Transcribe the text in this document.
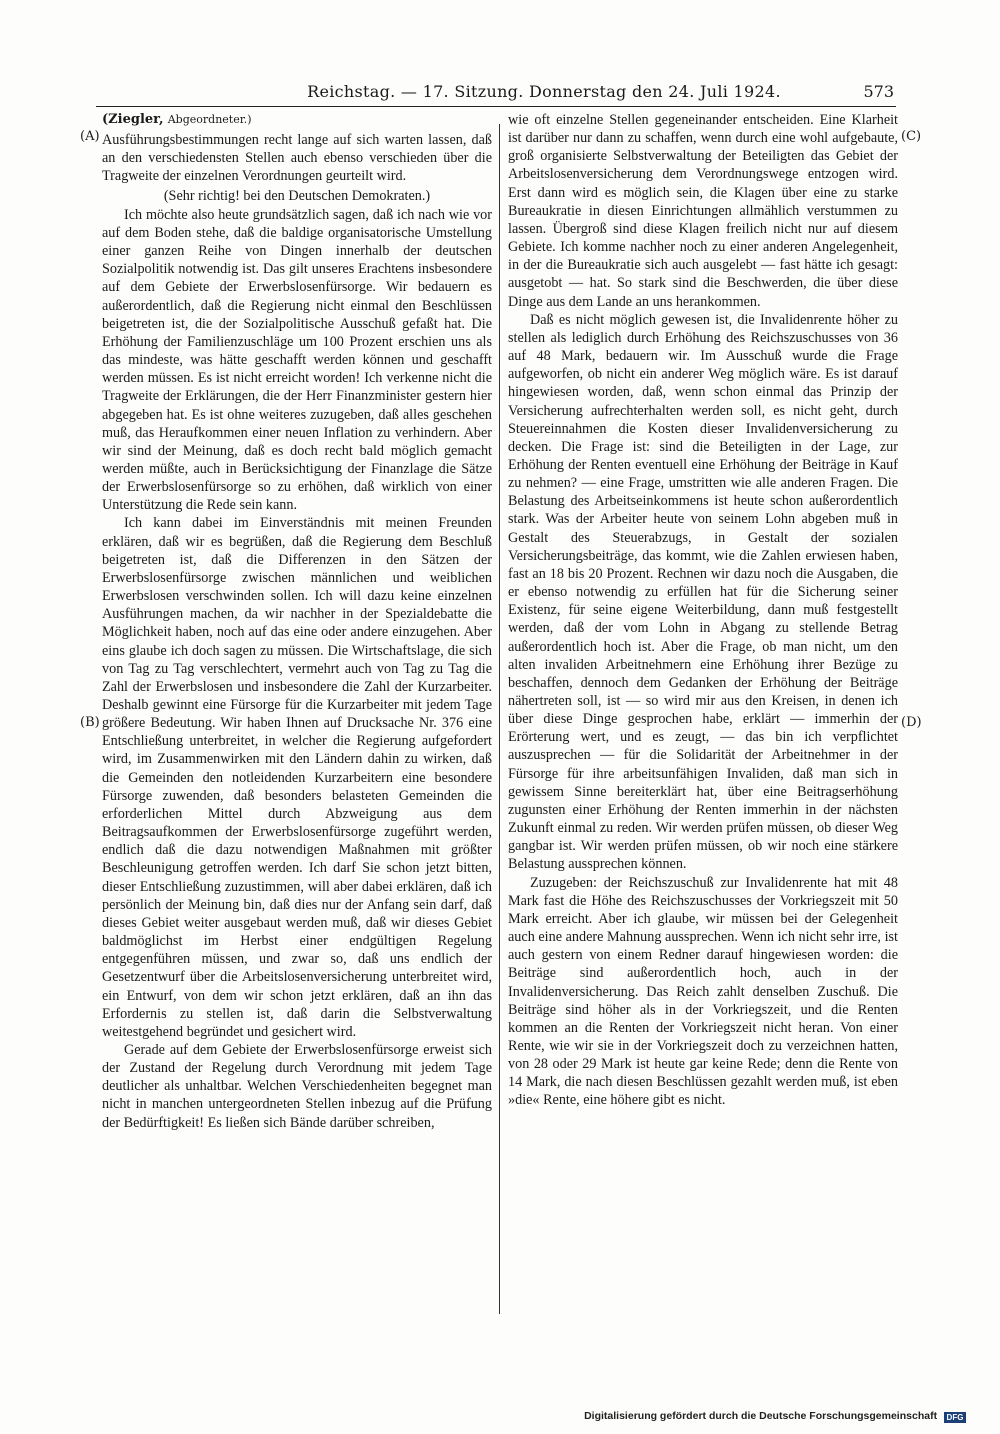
Reichstag. — 17. Sitzung. Donnerstag den 24. Juli 1924.	573
(A)
(B)
(C)
(D)
(Ziegler, Abgeordneter.)

Ausführungsbestimmungen recht lange auf sich warten lassen, daß an den verschiedensten Stellen auch ebenso verschieden über die Tragweite der einzelnen Verordnungen geurteilt wird.

(Sehr richtig! bei den Deutschen Demokraten.)

Ich möchte also heute grundsätzlich sagen, daß ich nach wie vor auf dem Boden stehe, daß die baldige organisatorische Umstellung einer ganzen Reihe von Dingen innerhalb der deutschen Sozialpolitik notwendig ist. Das gilt unseres Erachtens insbesondere auf dem Gebiete der Erwerbslosenfürsorge. Wir bedauern es außerordentlich, daß die Regierung nicht einmal den Beschlüssen beigetreten ist, die der Sozialpolitische Ausschuß gefaßt hat. Die Erhöhung der Familienzuschläge um 100 Prozent erschien uns als das mindeste, was hätte geschafft werden können und geschafft werden müssen. Es ist nicht erreicht worden! Ich verkenne nicht die Tragweite der Erklärungen, die der Herr Finanzminister gestern hier abgegeben hat. Es ist ohne weiteres zuzugeben, daß alles geschehen muß, das Heraufkommen einer neuen Inflation zu verhindern. Aber wir sind der Meinung, daß es doch recht bald möglich gemacht werden müßte, auch in Berücksichtigung der Finanzlage die Sätze der Erwerbslosenfürsorge so zu erhöhen, daß wirklich von einer Unterstützung die Rede sein kann.

Ich kann dabei im Einverständnis mit meinen Freunden erklären, daß wir es begrüßen, daß die Regierung dem Beschluß beigetreten ist, daß die Differenzen in den Sätzen der Erwerbslosenfürsorge zwischen männlichen und weiblichen Erwerbslosen verschwinden sollen. Ich will dazu keine einzelnen Ausführungen machen, da wir nachher in der Spezialdebatte die Möglichkeit haben, noch auf das eine oder andere einzugehen. Aber eins glaube ich doch sagen zu müssen. Die Wirtschaftslage, die sich von Tag zu Tag verschlechtert, vermehrt auch von Tag zu Tag die Zahl der Erwerbslosen und insbesondere die Zahl der Kurzarbeiter. Deshalb gewinnt eine Fürsorge für die Kurzarbeiter mit jedem Tage größere Bedeutung. Wir haben Ihnen auf Drucksache Nr. 376 eine Entschließung unterbreitet, in welcher die Regierung aufgefordert wird, im Zusammenwirken mit den Ländern dahin zu wirken, daß die Gemeinden den notleidenden Kurzarbeitern eine besondere Fürsorge zuwenden, daß besonders belasteten Gemeinden die erforderlichen Mittel durch Abzweigung aus dem Beitragsaufkommen der Erwerbslosenfürsorge zugeführt werden, endlich daß die dazu notwendigen Maßnahmen mit größter Beschleunigung getroffen werden. Ich darf Sie schon jetzt bitten, dieser Entschließung zuzustimmen, will aber dabei erklären, daß ich persönlich der Meinung bin, daß dies nur der Anfang sein darf, daß dieses Gebiet weiter ausgebaut werden muß, daß wir dieses Gebiet baldmöglichst im Herbst einer endgültigen Regelung entgegenführen müssen, und zwar so, daß uns endlich der Gesetzentwurf über die Arbeitslosenversicherung unterbreitet wird, ein Entwurf, von dem wir schon jetzt erklären, daß an ihn das Erfordernis zu stellen ist, daß darin die Selbstverwaltung weitestgehend begründet und gesichert wird.

Gerade auf dem Gebiete der Erwerbslosenfürsorge erweist sich der Zustand der Regelung durch Verordnung mit jedem Tage deutlicher als unhaltbar. Welchen Verschiedenheiten begegnet man nicht in manchen untergeordneten Stellen inbezug auf die Prüfung der Bedürftigkeit! Es ließen sich Bände darüber schreiben,

wie oft einzelne Stellen gegeneinander entscheiden. Eine Klarheit ist darüber nur dann zu schaffen, wenn durch eine wohl aufgebaute, groß organisierte Selbstverwaltung der Beteiligten das Gebiet der Arbeitslosenversicherung dem Verordnungswege entzogen wird. Erst dann wird es möglich sein, die Klagen über eine zu starke Bureaukratie in diesen Einrichtungen allmählich verstummen zu lassen. Übergroß sind diese Klagen freilich nicht nur auf diesem Gebiete. Ich komme nachher noch zu einer anderen Angelegenheit, in der die Bureaukratie sich auch ausgelebt — fast hätte ich gesagt: ausgetobt — hat. So stark sind die Beschwerden, die über diese Dinge aus dem Lande an uns herankommen.

Daß es nicht möglich gewesen ist, die Invalidenrente höher zu stellen als lediglich durch Erhöhung des Reichszuschusses von 36 auf 48 Mark, bedauern wir. Im Ausschuß wurde die Frage aufgeworfen, ob nicht ein anderer Weg möglich wäre. Es ist darauf hingewiesen worden, daß, wenn schon einmal das Prinzip der Versicherung aufrechterhalten werden soll, es nicht geht, durch Steuereinnahmen die Kosten dieser Invalidenversicherung zu decken. Die Frage ist: sind die Beteiligten in der Lage, zur Erhöhung der Renten eventuell eine Erhöhung der Beiträge in Kauf zu nehmen? — eine Frage, umstritten wie alle anderen Fragen. Die Belastung des Arbeitseinkommens ist heute schon außerordentlich stark. Was der Arbeiter heute von seinem Lohn abgeben muß in Gestalt des Steuerabzugs, in Gestalt der sozialen Versicherungsbeiträge, das kommt, wie die Zahlen erwiesen haben, fast an 18 bis 20 Prozent. Rechnen wir dazu noch die Ausgaben, die er ebenso notwendig zu erfüllen hat für die Sicherung seiner Existenz, für seine eigene Weiterbildung, dann muß festgestellt werden, daß der vom Lohn in Abgang zu stellende Betrag außerordentlich hoch ist. Aber die Frage, ob man nicht, um den alten invaliden Arbeitnehmern eine Erhöhung ihrer Bezüge zu beschaffen, dennoch dem Gedanken der Erhöhung der Beiträge nähertreten soll, ist — so wird mir aus den Kreisen, in denen ich über diese Dinge gesprochen habe, erklärt — immerhin der Erörterung wert, und es zeugt, — das bin ich verpflichtet auszusprechen — für die Solidarität der Arbeitnehmer in der Fürsorge für ihre arbeitsunfähigen Invaliden, daß man sich in gewissem Sinne bereiterklärt hat, über eine Beitragserhöhung zugunsten einer Erhöhung der Renten immerhin in der nächsten Zukunft einmal zu reden. Wir werden prüfen müssen, ob dieser Weg gangbar ist. Wir werden prüfen müssen, ob wir noch eine stärkere Belastung aussprechen können.

Zuzugeben: der Reichszuschuß zur Invalidenrente hat mit 48 Mark fast die Höhe des Reichszuschusses der Vorkriegszeit mit 50 Mark erreicht. Aber ich glaube, wir müssen bei der Gelegenheit auch eine andere Mahnung aussprechen. Wenn ich nicht sehr irre, ist auch gestern von einem Redner darauf hingewiesen worden: die Beiträge sind außerordentlich hoch, auch in der Invalidenversicherung. Das Reich zahlt denselben Zuschuß. Die Beiträge sind höher als in der Vorkriegszeit, und die Renten kommen an die Renten der Vorkriegszeit nicht heran. Von einer Rente, wie wir sie in der Vorkriegszeit doch zu verzeichnen hatten, von 28 oder 29 Mark ist heute gar keine Rede; denn die Rente von 14 Mark, die nach diesen Beschlüssen gezahlt werden muß, ist eben »die« Rente, eine höhere gibt es nicht.

Digitalisierung gefördert durch die Deutsche Forschungsgemeinschaft DFG
